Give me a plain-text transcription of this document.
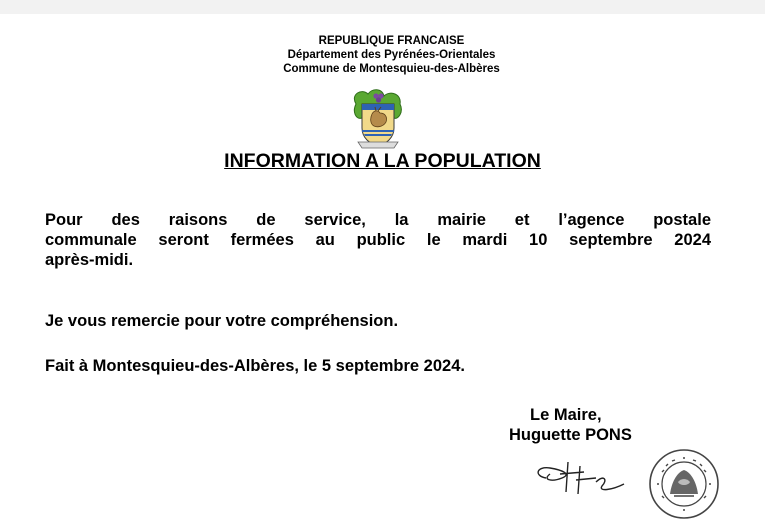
REPUBLIQUE FRANCAISE
Département des Pyrénées-Orientales
Commune de Montesquieu-des-Albères
INFORMATION A LA POPULATION
Pour des raisons de service, la mairie et l’agence postale
communale seront fermées au public le mardi 10 septembre 2024
après-midi.
Je vous remercie pour votre compréhension.
Fait à Montesquieu-des-Albères, le 5 septembre 2024.
Le Maire,
Huguette PONS
